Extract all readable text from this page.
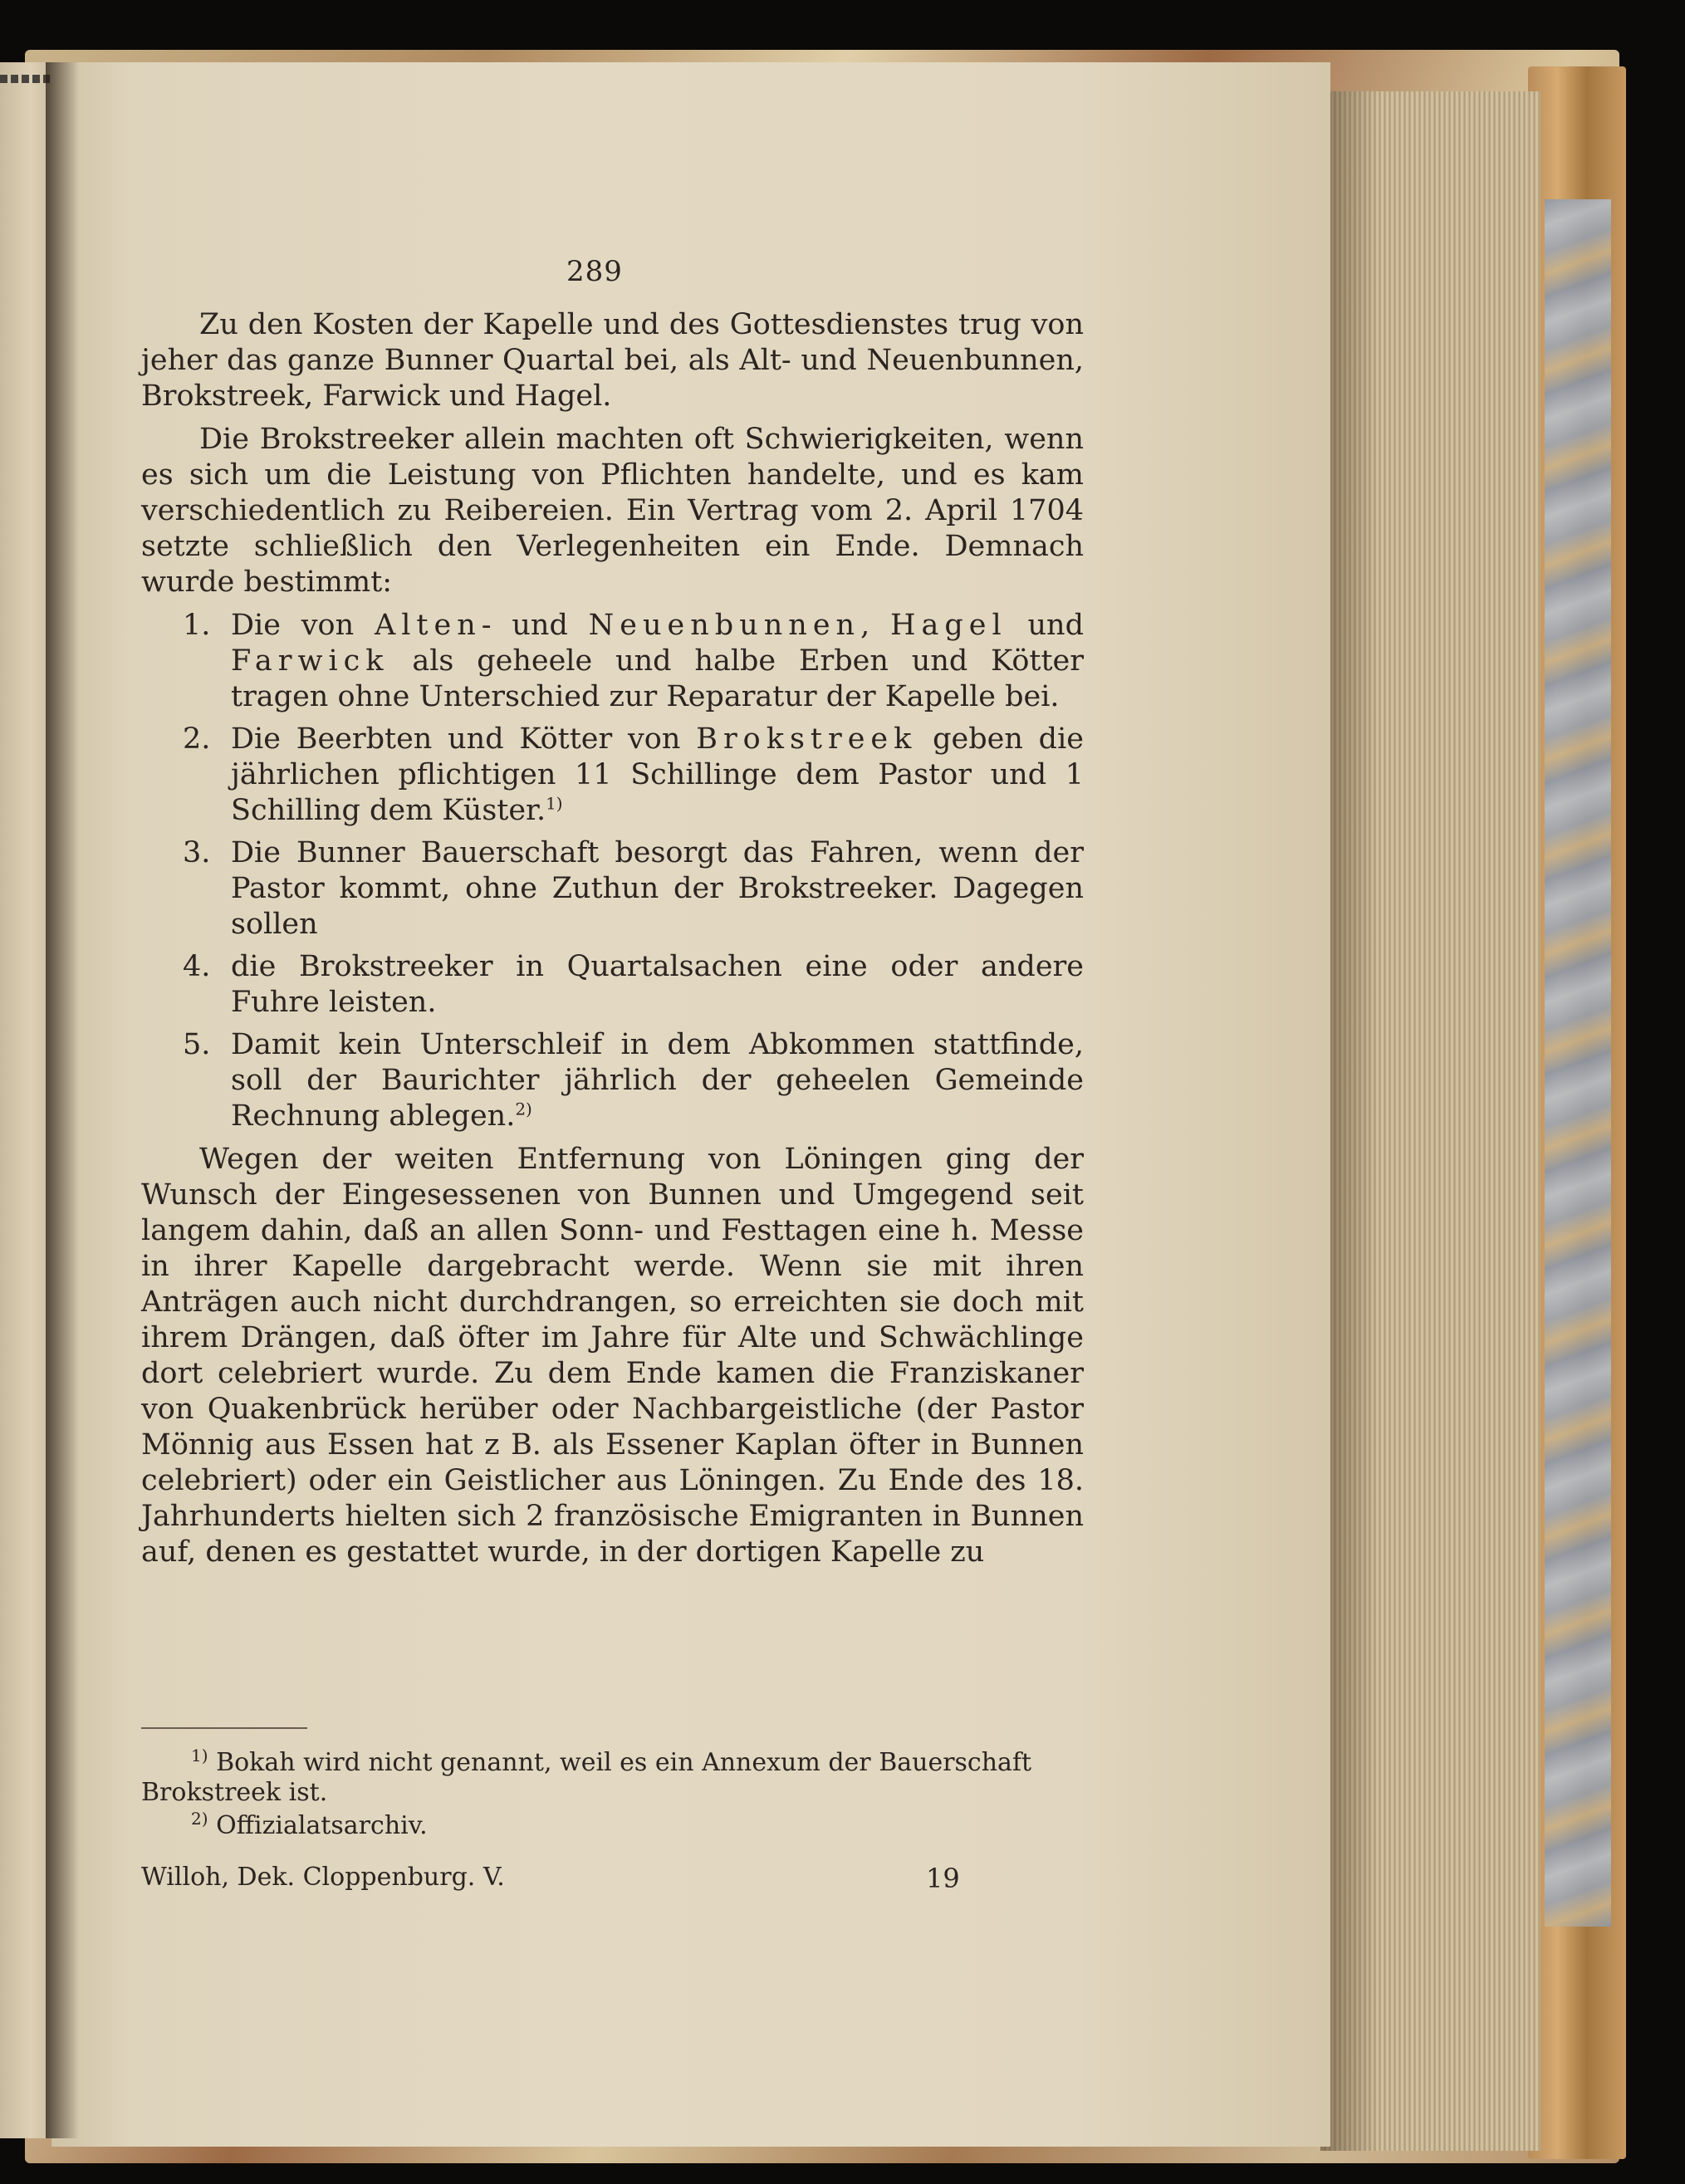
289

Zu den Kosten der Kapelle und des Gottesdienstes trug von jeher das ganze Bunner Quartal bei, als Alt- und Neuenbunnen, Brokstreek, Farwick und Hagel.

Die Brokstreeker allein machten oft Schwierigkeiten, wenn es sich um die Leistung von Pflichten handelte, und es kam verschiedentlich zu Reibereien. Ein Vertrag vom 2. April 1704 setzte schließlich den Verlegenheiten ein Ende. Demnach wurde bestimmt:

1. Die von Alten- und Neuenbunnen, Hagel und Farwick als geheele und halbe Erben und Kötter tragen ohne Unterschied zur Reparatur der Kapelle bei.
2. Die Beerbten und Kötter von Brokstreek geben die jährlichen pflichtigen 11 Schillinge dem Pastor und 1 Schilling dem Küster.$^{1)}$
3. Die Bunner Bauerschaft besorgt das Fahren, wenn der Pastor kommt, ohne Zuthun der Brokstreeker. Dagegen sollen
4. die Brokstreeker in Quartalsachen eine oder andere Fuhre leisten.
5. Damit kein Unterschleif in dem Abkommen stattfinde, soll der Baurichter jährlich der geheelen Gemeinde Rechnung ablegen.$^{2)}$

Wegen der weiten Entfernung von Löningen ging der Wunsch der Eingesessenen von Bunnen und Umgegend seit langem dahin, daß an allen Sonn- und Festtagen eine h. Messe in ihrer Kapelle dargebracht werde. Wenn sie mit ihren Anträgen auch nicht durchdrangen, so erreichten sie doch mit ihrem Drängen, daß öfter im Jahre für Alte und Schwächlinge dort celebriert wurde. Zu dem Ende kamen die Franziskaner von Quakenbrück herüber oder Nachbargeistliche (der Pastor Mönnig aus Essen hat z B. als Essener Kaplan öfter in Bunnen celebriert) oder ein Geistlicher aus Löningen. Zu Ende des 18. Jahrhunderts hielten sich 2 französische Emigranten in Bunnen auf, denen es gestattet wurde, in der dortigen Kapelle zu

$^{1)}$ Bokah wird nicht genannt, weil es ein Annexum der Bauerschaft Brokstreek ist.
$^{2)}$ Offizialatsarchiv.
Willoh, Dek. Cloppenburg. V.	19
